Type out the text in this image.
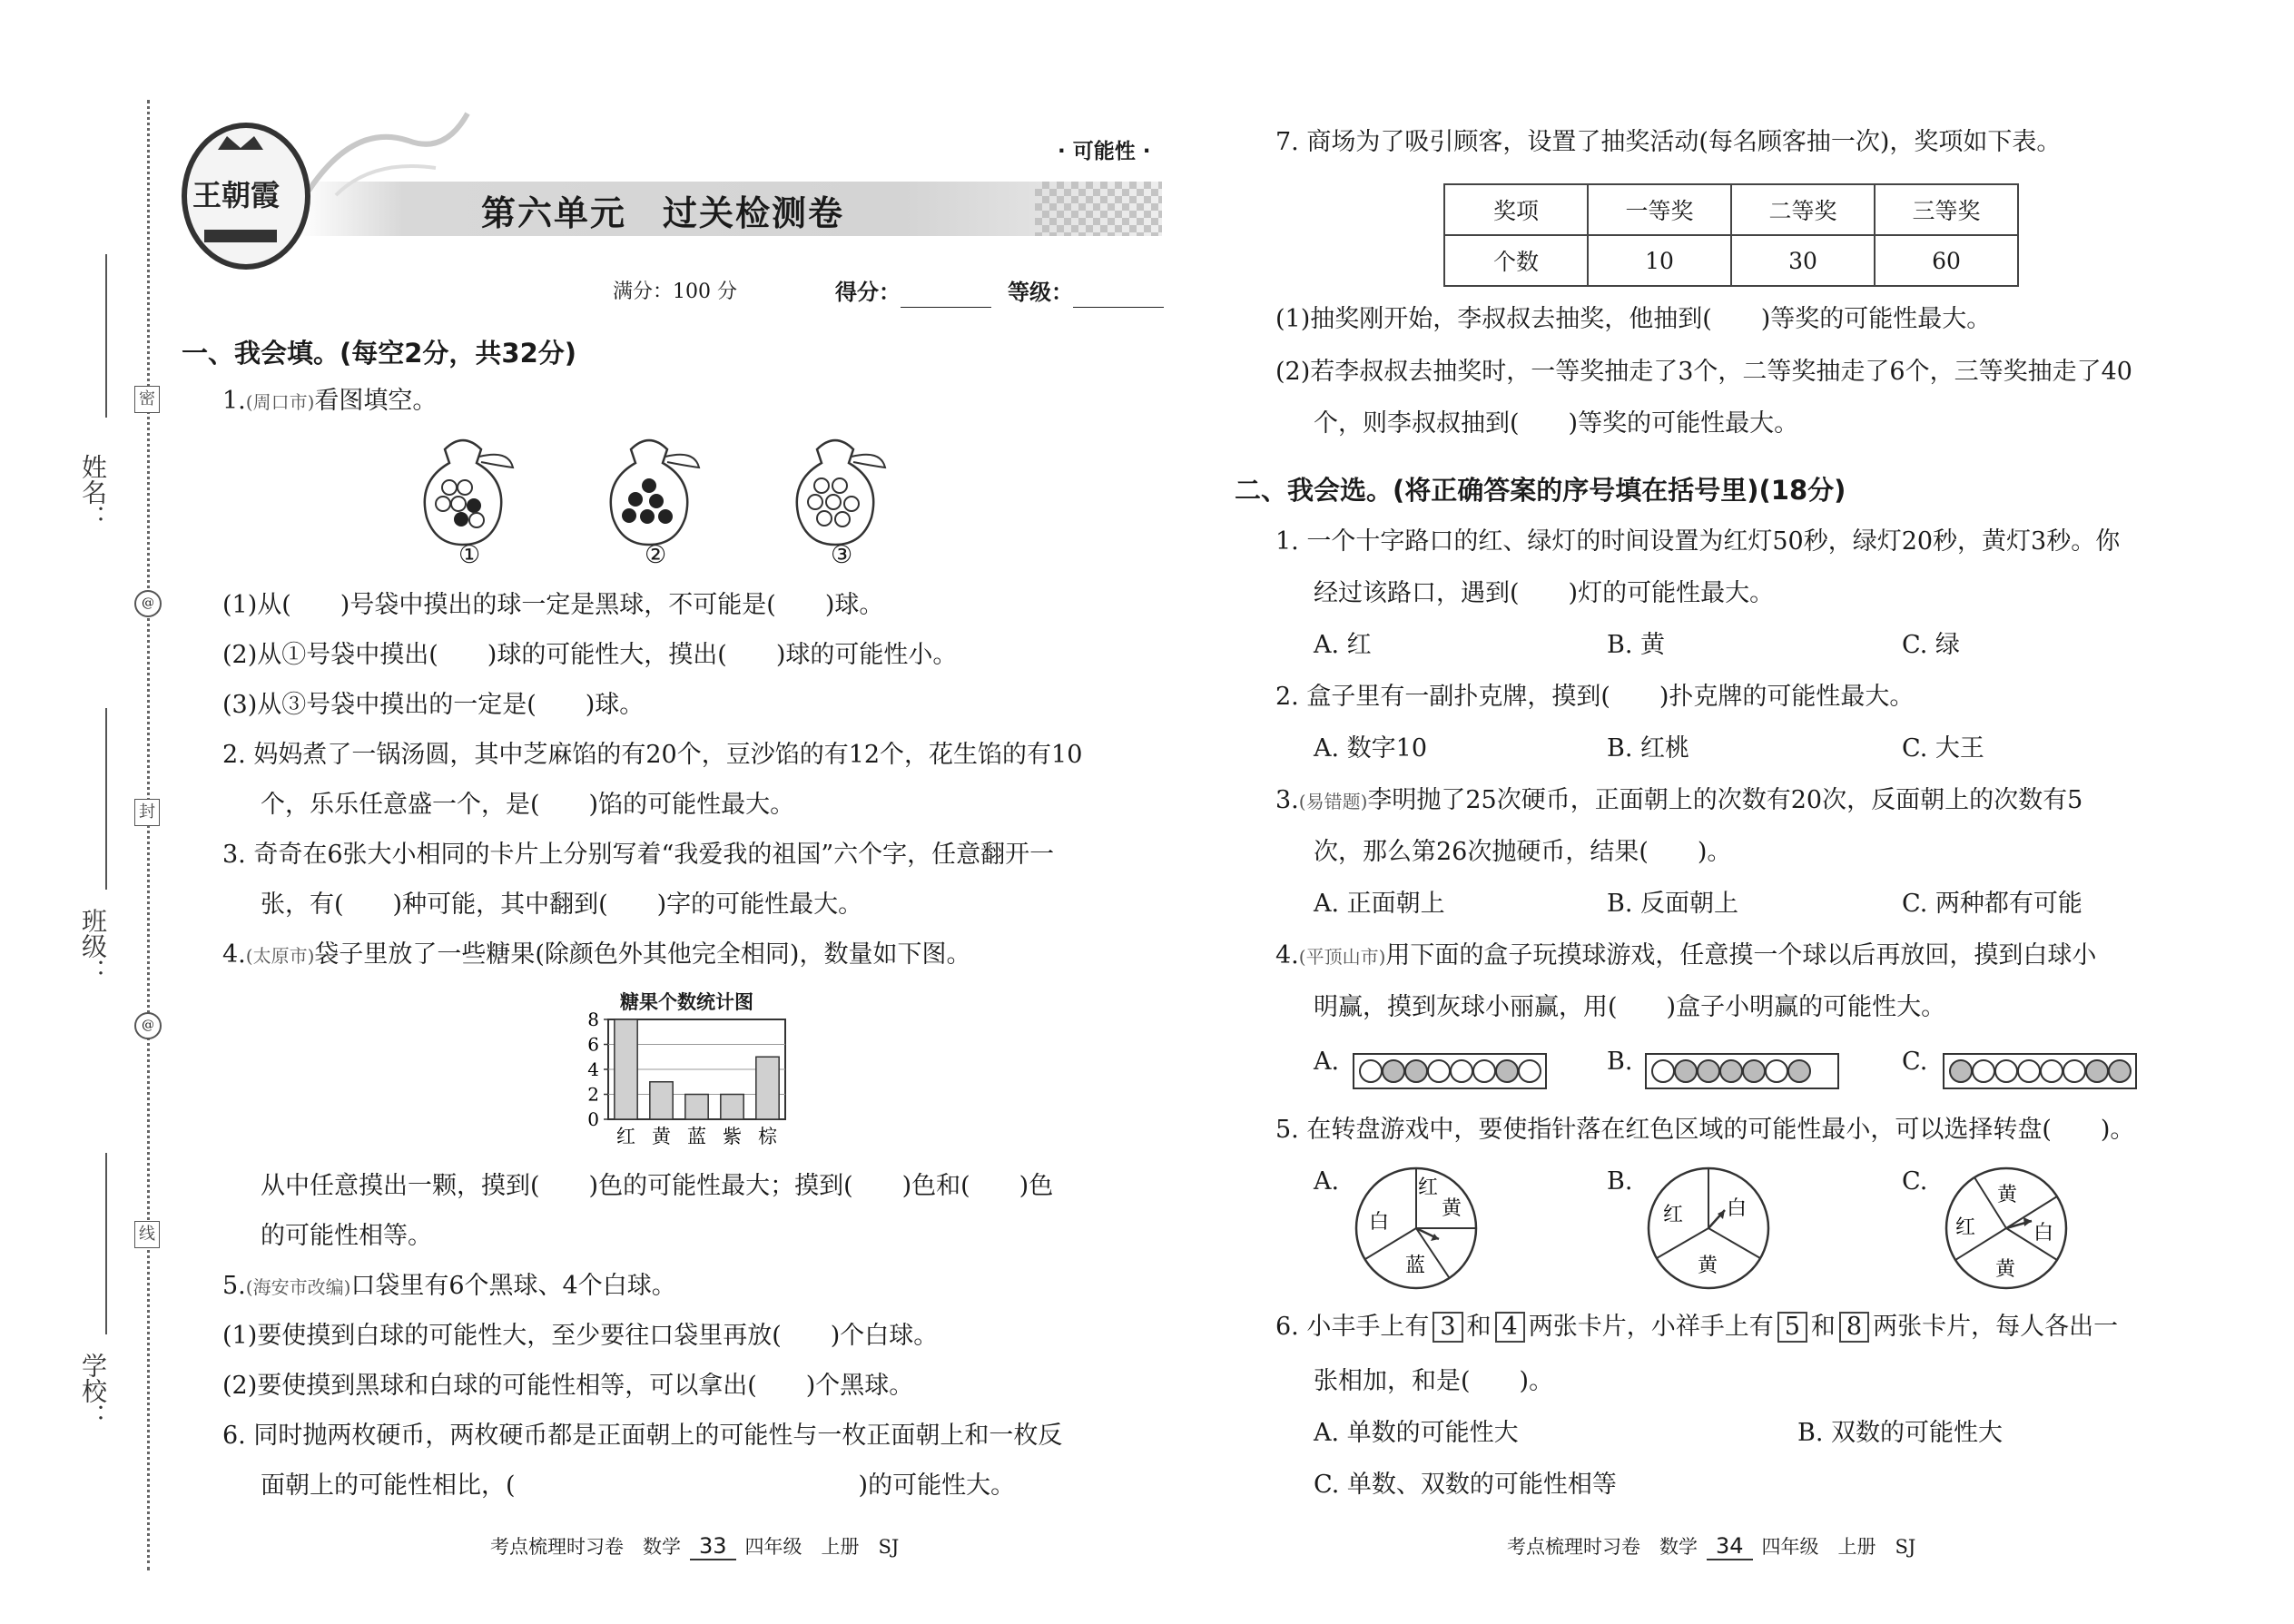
姓名：
班级：
学校：
密
@
封
@
线
王朝霞
· 可能性 ·
第六单元　过关检测卷
满分：100 分	得分：	等级：
一、我会填。(每空2分，共32分)
1.(周口市)看图填空。
①	②	③
(1)从(　　)号袋中摸出的球一定是黑球，不可能是(　　)球。
(2)从①号袋中摸出(　　)球的可能性大，摸出(　　)球的可能性小。
(3)从③号袋中摸出的一定是(　　)球。
2. 妈妈煮了一锅汤圆，其中芝麻馅的有20个，豆沙馅的有12个，花生馅的有10
个，乐乐任意盛一个，是(　　)馅的可能性最大。
3. 奇奇在6张大小相同的卡片上分别写着“我爱我的祖国”六个字，任意翻开一
张，有(　　)种可能，其中翻到(　　)字的可能性最大。
4.(太原市)袋子里放了一些糖果(除颜色外其他完全相同)，数量如下图。
糖果个数统计图
0
2
4
6
8
红 黄 蓝 紫 棕
从中任意摸出一颗，摸到(　　)色的可能性最大；摸到(　　)色和(　　)色
的可能性相等。
5.(海安市改编)口袋里有6个黑球、4个白球。
(1)要使摸到白球的可能性大，至少要往口袋里再放(　　)个白球。
(2)要使摸到黑球和白球的可能性相等，可以拿出(　　)个黑球。
6. 同时抛两枚硬币，两枚硬币都是正面朝上的可能性与一枚正面朝上和一枚反
面朝上的可能性相比，(　　　　　　　　　　　　　　)的可能性大。
考点梳理时习卷　数学 33 四年级　上册　SJ
7. 商场为了吸引顾客，设置了抽奖活动(每名顾客抽一次)，奖项如下表。
奖项	一等奖	二等奖	三等奖
个数	10	30	60
(1)抽奖刚开始，李叔叔去抽奖，他抽到(　　)等奖的可能性最大。
(2)若李叔叔去抽奖时，一等奖抽走了3个，二等奖抽走了6个，三等奖抽走了40
个，则李叔叔抽到(　　)等奖的可能性最大。
二、我会选。(将正确答案的序号填在括号里)(18分)
1. 一个十字路口的红、绿灯的时间设置为红灯50秒，绿灯20秒，黄灯3秒。你
经过该路口，遇到(　　)灯的可能性最大。
A. 红	B. 黄	C. 绿
2. 盒子里有一副扑克牌，摸到(　　)扑克牌的可能性最大。
A. 数字10	B. 红桃	C. 大王
3.(易错题)李明抛了25次硬币，正面朝上的次数有20次，反面朝上的次数有5
次，那么第26次抛硬币，结果(　　)。
A. 正面朝上	B. 反面朝上	C. 两种都有可能
4.(平顶山市)用下面的盒子玩摸球游戏，任意摸一个球以后再放回，摸到白球小
明赢，摸到灰球小丽赢，用(　　)盒子小明赢的可能性大。
A.	B.	C.
5. 在转盘游戏中，要使指针落在红色区域的可能性最小，可以选择转盘(　　)。
A.	红
黄
白
蓝
B.
红 白
黄
C.	黄
红	白
黄
6. 小丰手上有 3 和 4 两张卡片，小祥手上有 5 和 8 两张卡片，每人各出一
张相加，和是(　　)。
A. 单数的可能性大	B. 双数的可能性大
C. 单数、双数的可能性相等
考点梳理时习卷　数学 34 四年级　上册　SJ
